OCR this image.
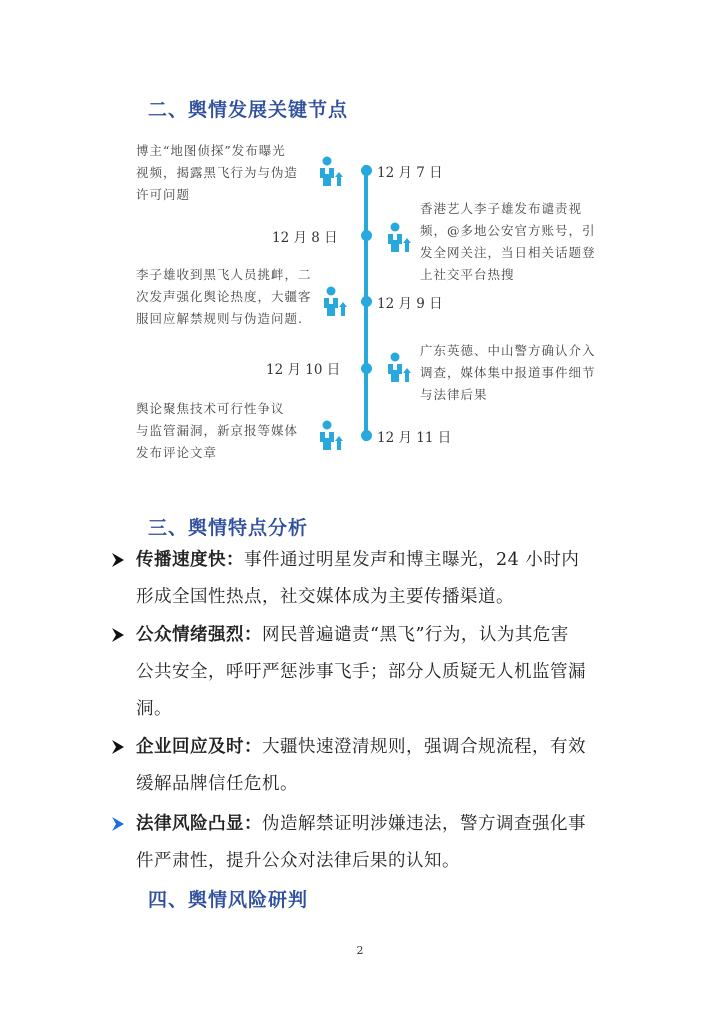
二、舆情发展关键节点
博主“地图侦探”发布曝光
视频，揭露黑飞行为与伪造
许可问题
12 月 7 日
12 月 8 日
香港艺人李子雄发布谴责视
频，@多地公安官方账号，引
发全网关注，当日相关话题登
上社交平台热搜
李子雄收到黑飞人员挑衅，二
次发声强化舆论热度，大疆客
服回应解禁规则与伪造问题.
12 月 9 日
12 月 10 日
广东英德、中山警方确认介入
调查，媒体集中报道事件细节
与法律后果
舆论聚焦技术可行性争议
与监管漏洞，新京报等媒体
发布评论文章
12 月 11 日
三、舆情特点分析
传播速度快：事件通过明星发声和博主曝光，24 小时内
形成全国性热点，社交媒体成为主要传播渠道。
公众情绪强烈：网民普遍谴责“黑飞”行为，认为其危害
公共安全，呼吁严惩涉事飞手；部分人质疑无人机监管漏
洞。
企业回应及时：大疆快速澄清规则，强调合规流程，有效
缓解品牌信任危机。
法律风险凸显：伪造解禁证明涉嫌违法，警方调查强化事
件严肃性，提升公众对法律后果的认知。
四、舆情风险研判
2
